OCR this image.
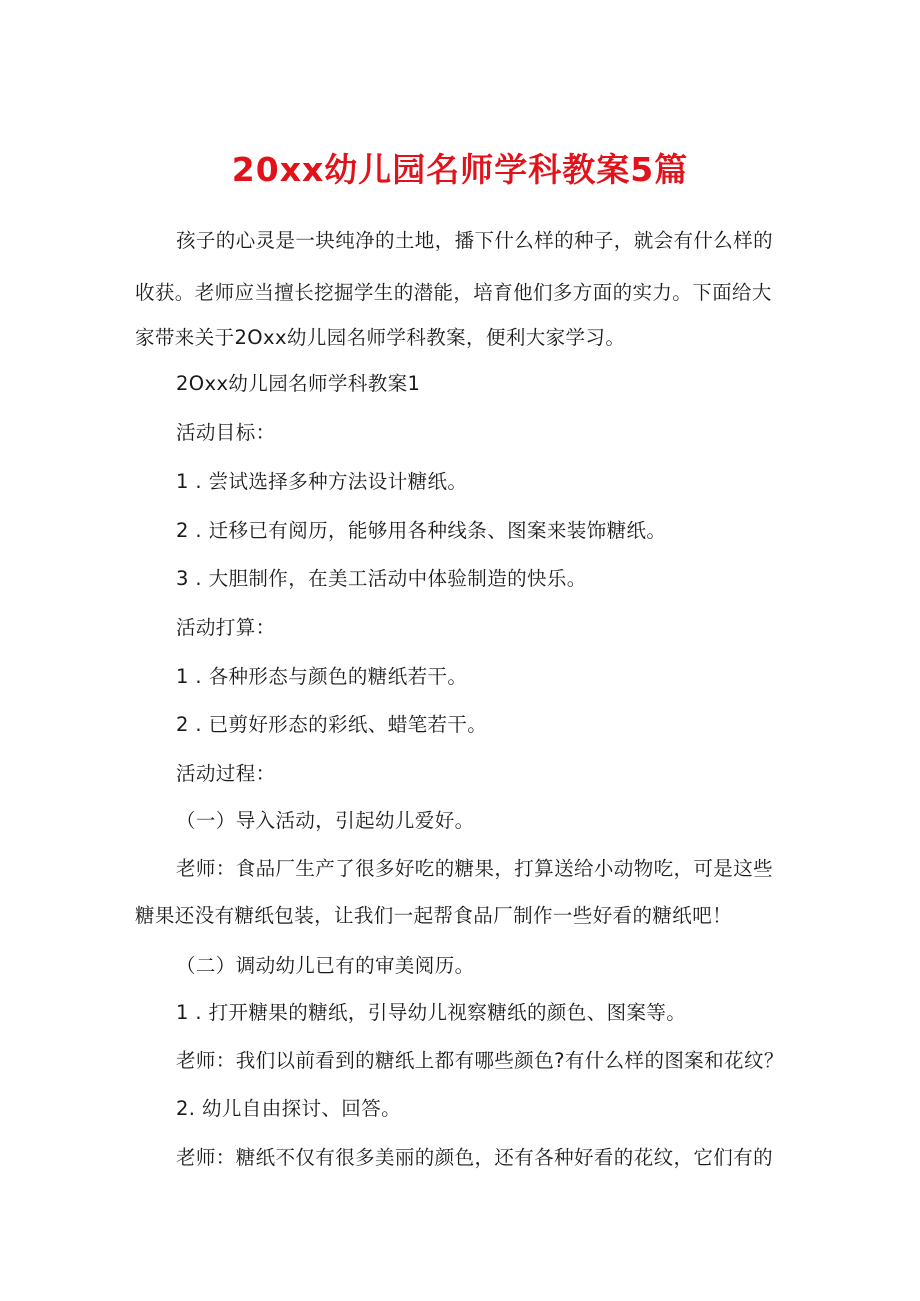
20xx幼儿园名师学科教案5篇
孩子的心灵是一块纯净的土地，播下什么样的种子，就会有什么样的
收获。老师应当擅长挖掘学生的潜能，培育他们多方面的实力。下面给大
家带来关于2Oxx幼儿园名师学科教案，便利大家学习。
2Oxx幼儿园名师学科教案1
活动目标：
1 . 尝试选择多种方法设计糖纸。
2 . 迁移已有阅历，能够用各种线条、图案来装饰糖纸。
3 . 大胆制作，在美工活动中体验制造的快乐。
活动打算：
1 . 各种形态与颜色的糖纸若干。
2 . 已剪好形态的彩纸、蜡笔若干。
活动过程：
（一）导入活动，引起幼儿爱好。
老师：食品厂生产了很多好吃的糖果，打算送给小动物吃，可是这些
糖果还没有糖纸包装，让我们一起帮食品厂制作一些好看的糖纸吧！
（二）调动幼儿已有的审美阅历。
1 . 打开糖果的糖纸，引导幼儿视察糖纸的颜色、图案等。
老师：我们以前看到的糖纸上都有哪些颜色?有什么样的图案和花纹？
2. 幼儿自由探讨、回答。
老师：糖纸不仅有很多美丽的颜色，还有各种好看的花纹，它们有的
